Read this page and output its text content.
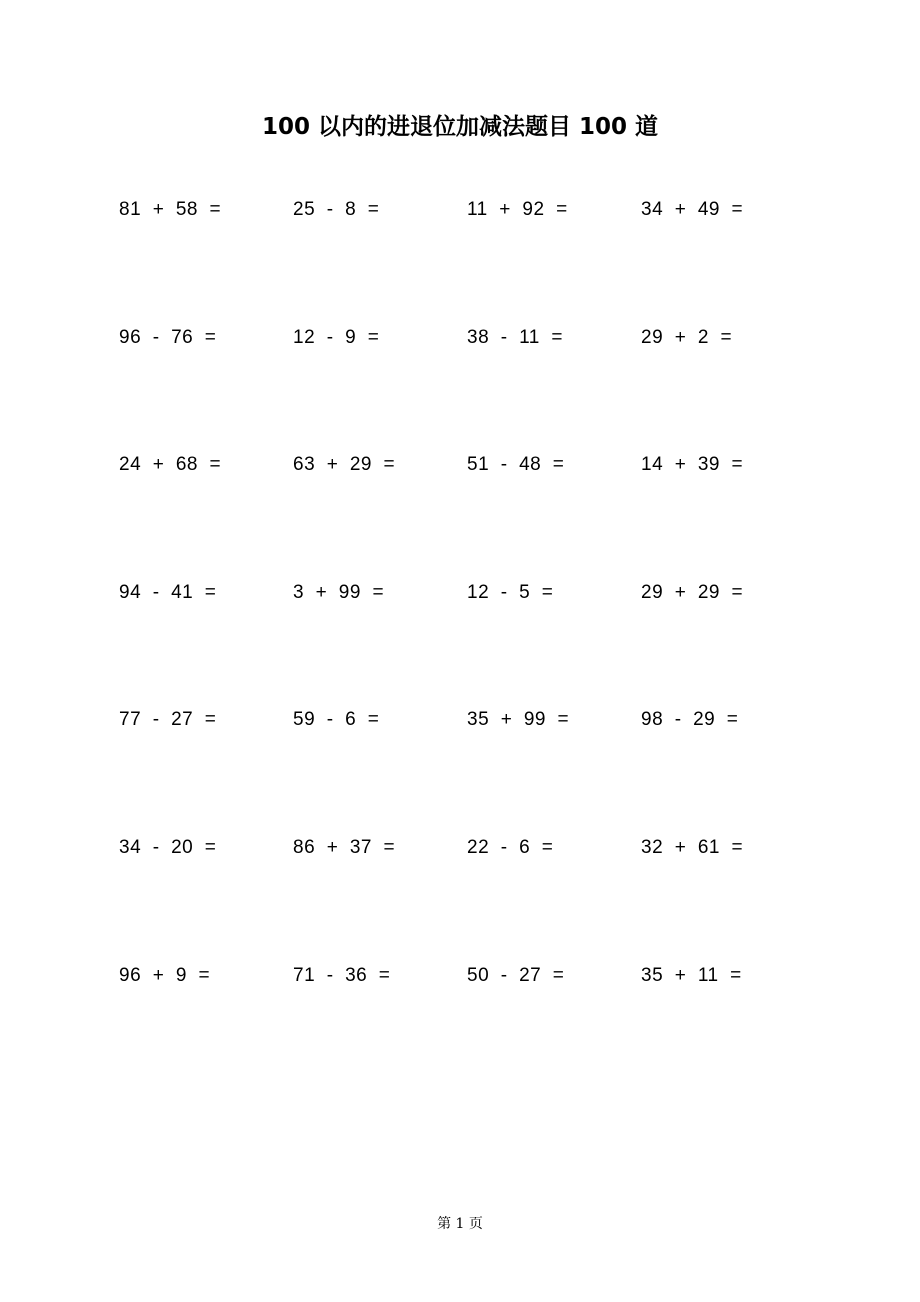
100 以内的进退位加减法题目 100 道
81  +  58  =	25  -  8  =	11  +  92  =	34  +  49  =
96  -  76  =	12  -  9  =	38  -  11  =	29  +  2  =
24  +  68  =	63  +  29  =	51  -  48  =	14  +  39  =
94  -  41  =	3  +  99  =	12  -  5  =	29  +  29  =
77  -  27  =	59  -  6  =	35  +  99  =	98  -  29  =
34  -  20  =	86  +  37  =	22  -  6  =	32  +  61  =
96  +  9  =	71  -  36  =	50  -  27  =	35  +  11  =
第 1 页
